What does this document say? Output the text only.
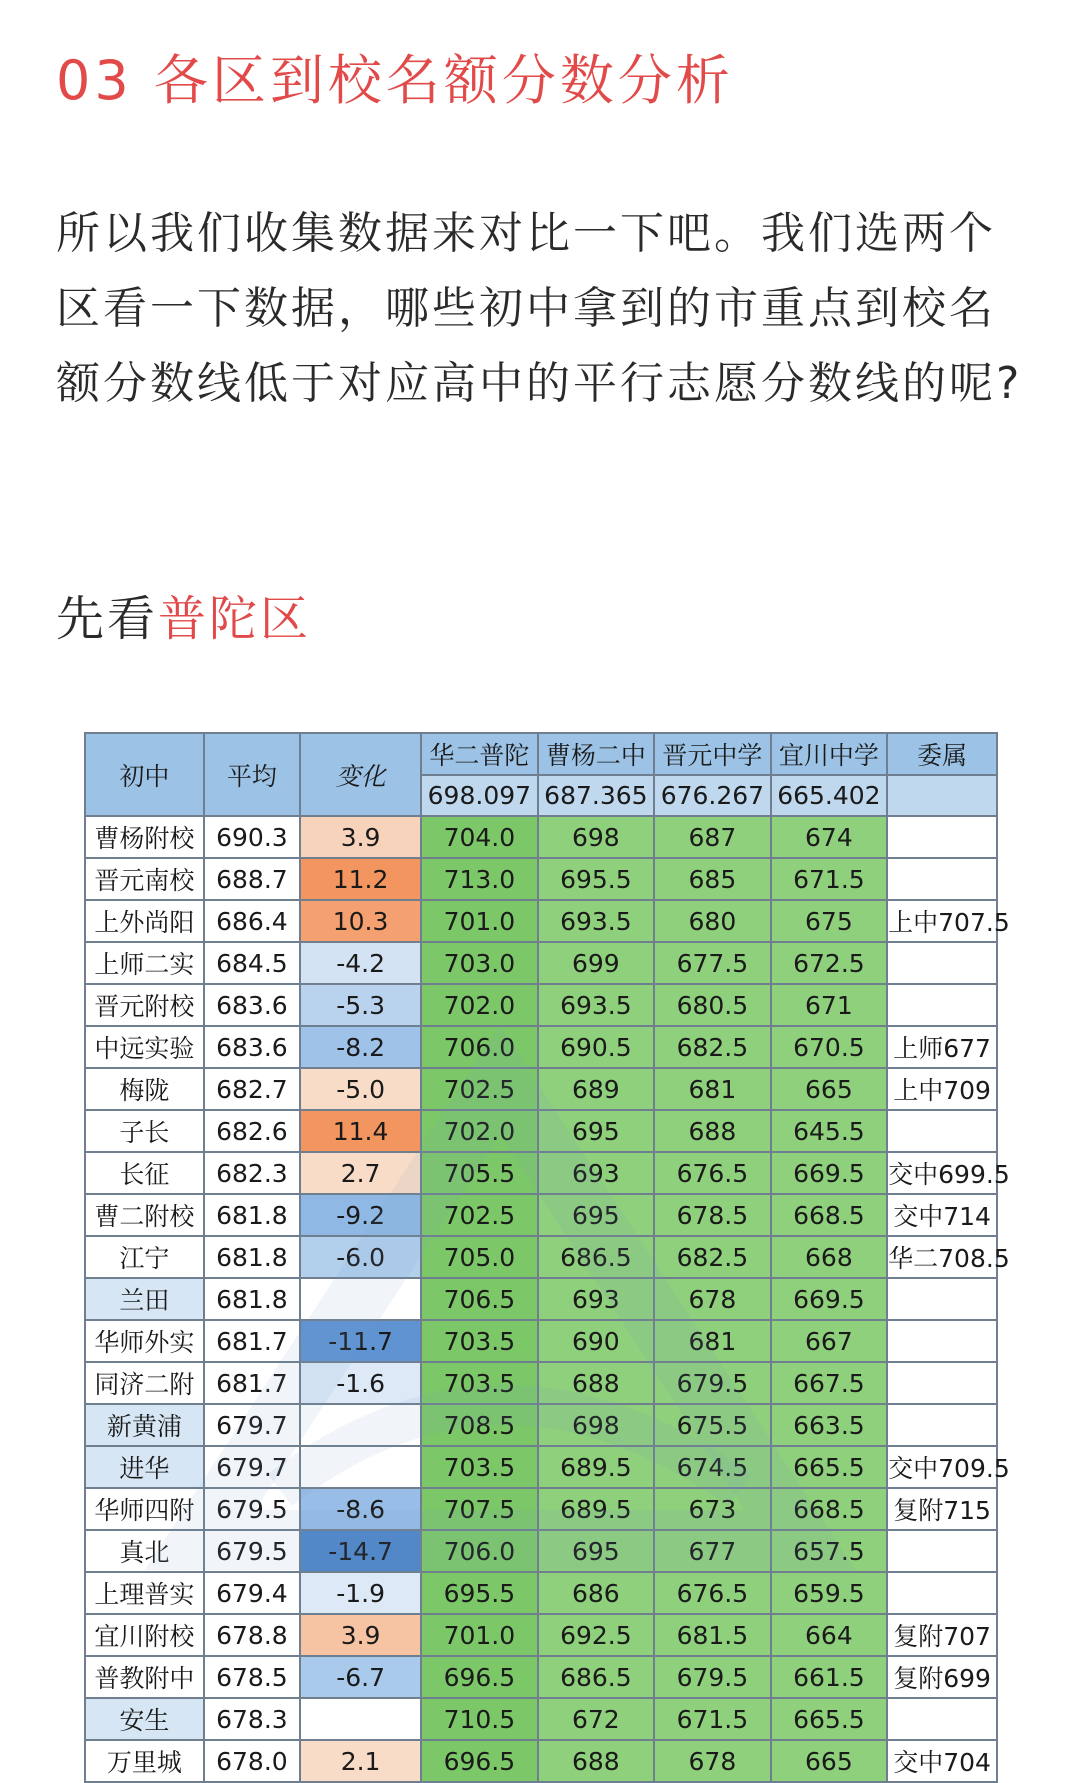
03 各区到校名额分数分析

所以我们收集数据来对比一下吧。我们选两个区看一下数据，哪些初中拿到的市重点到校名额分数线低于对应高中的平行志愿分数线的呢?

先看普陀区

初中	平均	变化	华二普陀	曹杨二中	晋元中学	宜川中学	委属
			698.097	687.365	676.267	665.402	
曹杨附校	690.3	3.9	704.0	698	687	674	
晋元南校	688.7	11.2	713.0	695.5	685	671.5	
上外尚阳	686.4	10.3	701.0	693.5	680	675	上中707.5
上师二实	684.5	-4.2	703.0	699	677.5	672.5	
晋元附校	683.6	-5.3	702.0	693.5	680.5	671	
中远实验	683.6	-8.2	706.0	690.5	682.5	670.5	上师677
梅陇	682.7	-5.0	702.5	689	681	665	上中709
子长	682.6	11.4	702.0	695	688	645.5	
长征	682.3	2.7	705.5	693	676.5	669.5	交中699.5
曹二附校	681.8	-9.2	702.5	695	678.5	668.5	交中714
江宁	681.8	-6.0	705.0	686.5	682.5	668	华二708.5
兰田	681.8		706.5	693	678	669.5	
华师外实	681.7	-11.7	703.5	690	681	667	
同济二附	681.7	-1.6	703.5	688	679.5	667.5	
新黄浦	679.7		708.5	698	675.5	663.5	
进华	679.7		703.5	689.5	674.5	665.5	交中709.5
华师四附	679.5	-8.6	707.5	689.5	673	668.5	复附715
真北	679.5	-14.7	706.0	695	677	657.5	
上理普实	679.4	-1.9	695.5	686	676.5	659.5	
宜川附校	678.8	3.9	701.0	692.5	681.5	664	复附707
普教附中	678.5	-6.7	696.5	686.5	679.5	661.5	复附699
安生	678.3		710.5	672	671.5	665.5	
万里城	678.0	2.1	696.5	688	678	665	交中704
